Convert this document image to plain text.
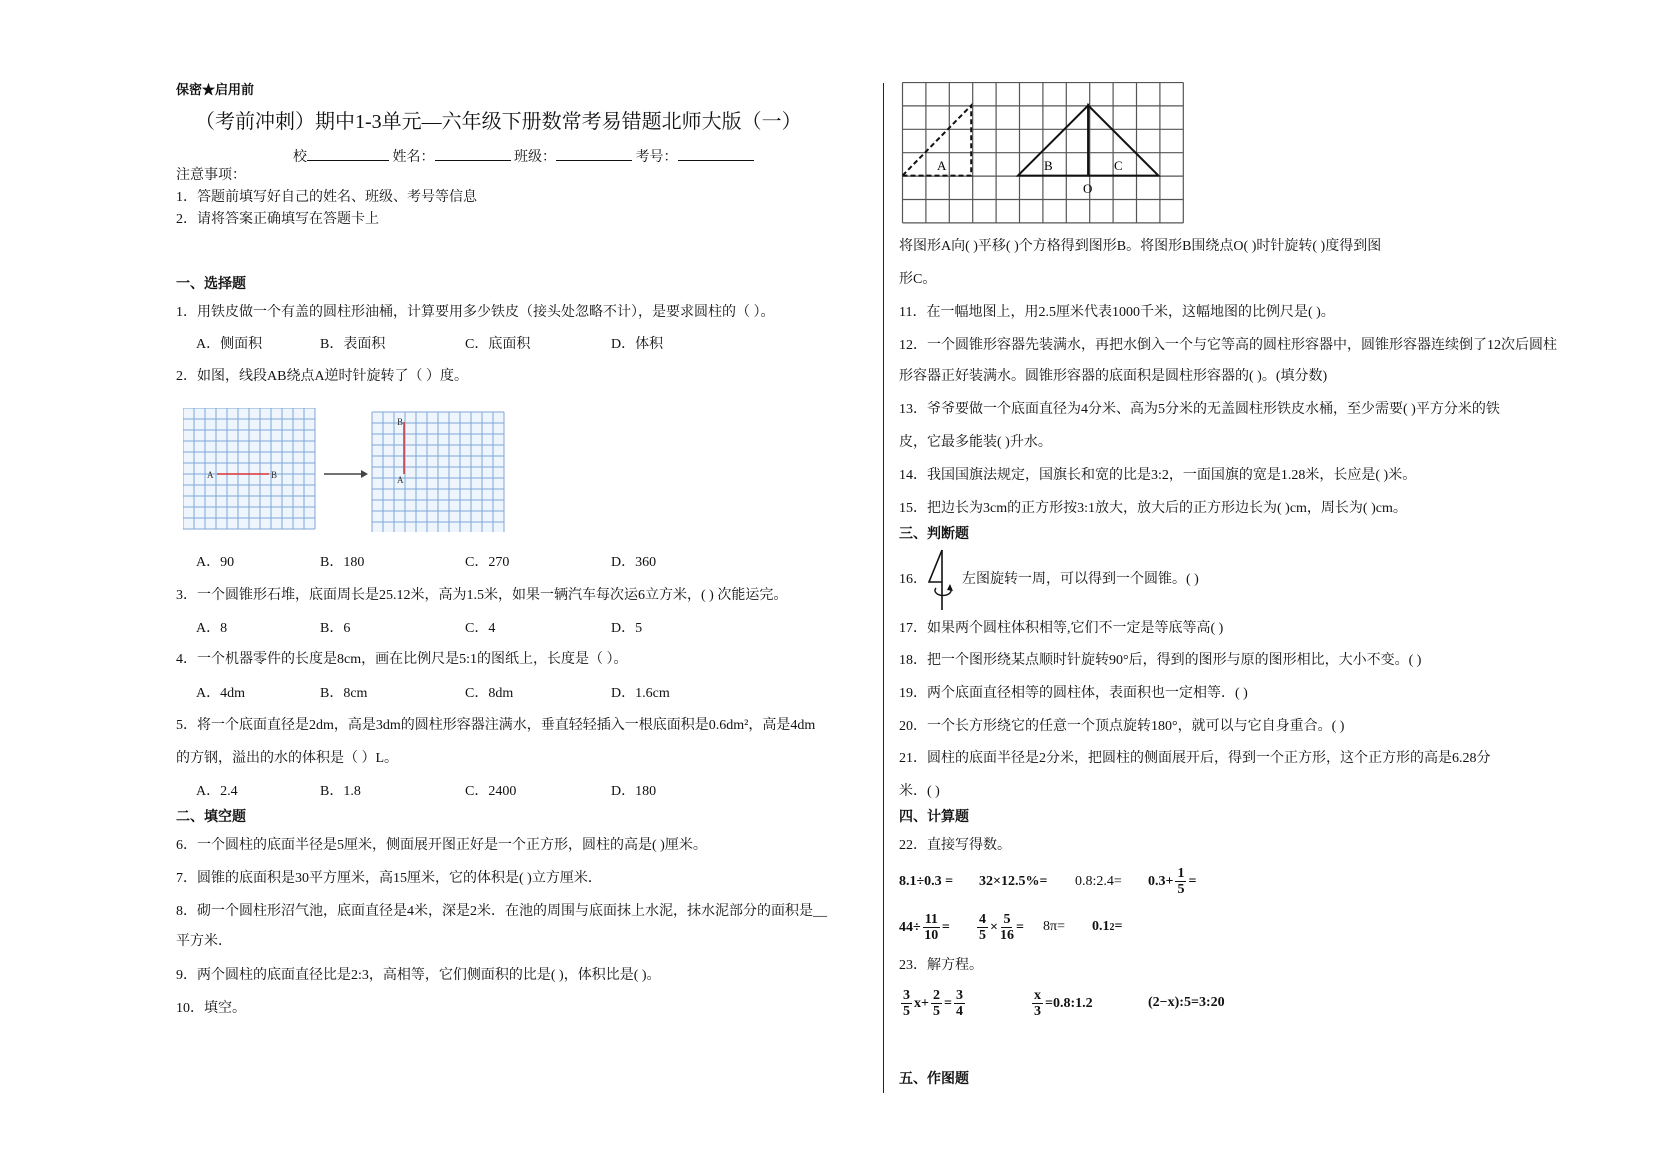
保密★启用前
（考前冲刺）期中1-3单元—六年级下册数常考易错题北师大版（一）
校	姓名：	班级：	考号：
注意事项：
1．答题前填写好自己的姓名、班级、考号等信息
2．请将答案正确填写在答题卡上
一、选择题
1．用铁皮做一个有盖的圆柱形油桶，计算要用多少铁皮（接头处忽略不计），是要求圆柱的（ ）。
A．侧面积	B．表面积	C．底面积	D．体积
2．如图，线段AB绕点A逆时针旋转了（ ）度。
A	B	A
B
A．90	B．180	C．270	D．360
3．一个圆锥形石堆，底面周长是25.12米，高为1.5米，如果一辆汽车每次运6立方米，( ) 次能运完。
A．8	B．6	C．4	D．5
4．一个机器零件的长度是8cm，画在比例尺是5:1的图纸上，长度是（ ）。
A．4dm	B．8cm	C．8dm	D．1.6cm
5．将一个底面直径是2dm，高是3dm的圆柱形容器注满水，垂直轻轻插入一根底面积是0.6dm²，高是4dm
的方钢，溢出的水的体积是（ ）L。
A．2.4	B．1.8	C．2400	D．180
二、填空题
6．一个圆柱的底面半径是5厘米，侧面展开图正好是一个正方形，圆柱的高是( )厘米。
7．圆锥的底面积是30平方厘米，高15厘米，它的体积是( )立方厘米．
8．砌一个圆柱形沼气池，底面直径是4米，深是2米．在池的周围与底面抹上水泥，抹水泥部分的面积是__
平方米．
9．两个圆柱的底面直径比是2:3，高相等，它们侧面积的比是( )，体积比是( )。
10．填空。
A	B	C
O
将图形A向( )平移( )个方格得到图形B。将图形B围绕点O( )时针旋转( )度得到图
形C。
11．在一幅地图上，用2.5厘米代表1000千米，这幅地图的比例尺是( )。
12．一个圆锥形容器先装满水，再把水倒入一个与它等高的圆柱形容器中，圆锥形容器连续倒了12次后圆柱
形容器正好装满水。圆锥形容器的底面积是圆柱形容器的( )。(填分数)
13．爷爷要做一个底面直径为4分米、高为5分米的无盖圆柱形铁皮水桶，至少需要( )平方分米的铁
皮，它最多能装( )升水。
14．我国国旗法规定，国旗长和宽的比是3:2，一面国旗的宽是1.28米，长应是( )米。
15．把边长为3cm的正方形按3:1放大，放大后的正方形边长为( )cm，周长为( )cm。
三、判断题
16．	左图旋转一周，可以得到一个圆锥。( )
17．如果两个圆柱体积相等,它们不一定是等底等高( )
18．把一个图形绕某点顺时针旋转90°后，得到的图形与原的图形相比，大小不变。( )
19．两个底面直径相等的圆柱体，表面积也一定相等．( )
20．一个长方形绕它的任意一个顶点旋转180°，就可以与它自身重合。( )
21．圆柱的底面半径是2分米，把圆柱的侧面展开后，得到一个正方形，这个正方形的高是6.28分
米．( )
四、计算题
22．直接写得数。
8.1÷0.3 = 32×12.5%= 0.8:2.4= $0.3+ \frac{1}{5}$ =
$44\div \frac{11}{10} = \frac{4}{5} \times \frac{5}{16} = 8\pi= 0.1$ 2 =
23．解方程。
$\frac{3}{5} x+ \frac{2}{5} = \frac{3}{4}$	$\frac{x}{3}$ =0.8:1.2	(2−x):5=3:20
五、作图题
